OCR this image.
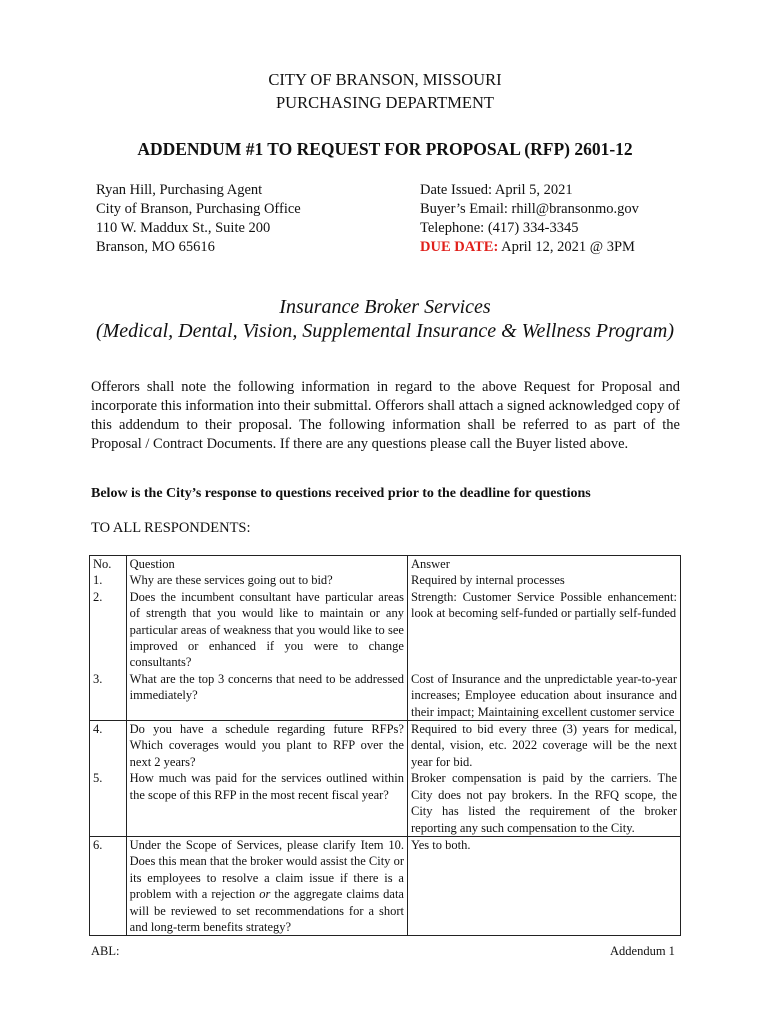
CITY OF BRANSON, MISSOURI
PURCHASING DEPARTMENT
ADDENDUM #1 TO REQUEST FOR PROPOSAL (RFP) 2601-12
Ryan Hill, Purchasing Agent
City of Branson, Purchasing Office
110 W. Maddux St., Suite 200
Branson, MO 65616
Date Issued: April 5, 2021
Buyer’s Email: rhill@bransonmo.gov
Telephone: (417) 334-3345
DUE DATE: April 12, 2021 @ 3PM
Insurance Broker Services
(Medical, Dental, Vision, Supplemental Insurance & Wellness Program)
Offerors shall note the following information in regard to the above Request for Proposal and incorporate this information into their submittal. Offerors shall attach a signed acknowledged copy of this addendum to their proposal. The following information shall be referred to as part of the Proposal / Contract Documents. If there are any questions please call the Buyer listed above.
Below is the City’s response to questions received prior to the deadline for questions
TO ALL RESPONDENTS:
No.	Question	Answer
1.	Why are these services going out to bid?	Required by internal processes
2.	Does the incumbent consultant have particular areas of strength that you would like to maintain or any particular areas of weakness that you would like to see improved or enhanced if you were to change consultants?	Strength: Customer Service Possible enhancement: look at becoming self-funded or partially self-funded
3.	What are the top 3 concerns that need to be addressed immediately?	Cost of Insurance and the unpredictable year-to-year increases; Employee education about insurance and their impact; Maintaining excellent customer service
4.	Do you have a schedule regarding future RFPs? Which coverages would you plant to RFP over the next 2 years?	Required to bid every three (3) years for medical, dental, vision, etc. 2022 coverage will be the next year for bid.
5.	How much was paid for the services outlined within the scope of this RFP in the most recent fiscal year?	Broker compensation is paid by the carriers. The City does not pay brokers. In the RFQ scope, the City has listed the requirement of the broker reporting any such compensation to the City.
6.	Under the Scope of Services, please clarify Item 10. Does this mean that the broker would assist the City or its employees to resolve a claim issue if there is a problem with a rejection or the aggregate claims data will be reviewed to set recommendations for a short and long-term benefits strategy?	Yes to both.
ABL:	Addendum 1
